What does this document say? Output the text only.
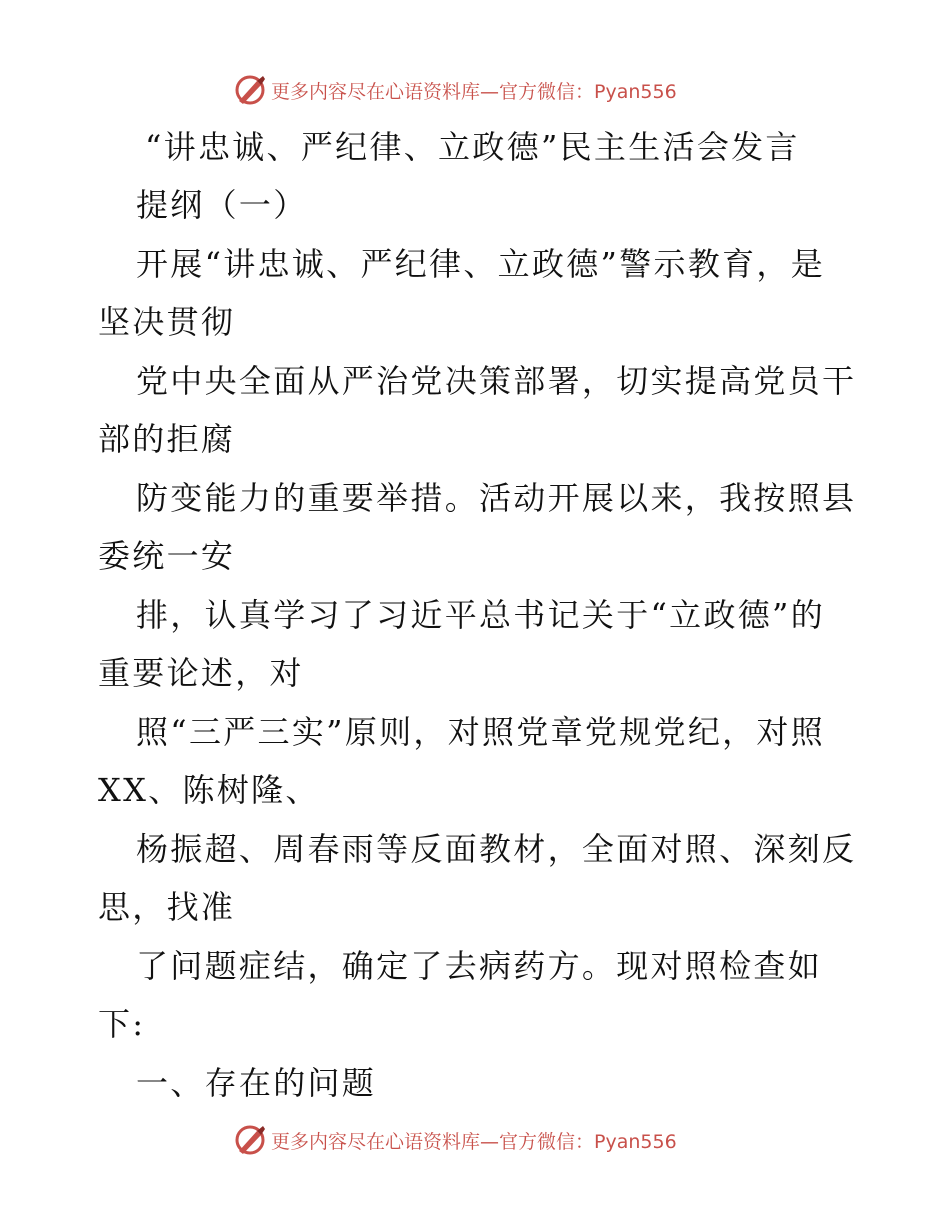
更多内容尽在心语资料库—官方微信：Pyan556
“讲忠诚、严纪律、立政德”民主生活会发言
提纲（一）
开展“讲忠诚、严纪律、立政德”警示教育，是
坚决贯彻
党中央全面从严治党决策部署，切实提高党员干
部的拒腐
防变能力的重要举措。活动开展以来，我按照县
委统一安
排，认真学习了习近平总书记关于“立政德”的
重要论述，对
照“三严三实”原则，对照党章党规党纪，对照
XX、陈树隆、
杨振超、周春雨等反面教材，全面对照、深刻反
思，找准
了问题症结，确定了去病药方。现对照检查如
下:
一、存在的问题
更多内容尽在心语资料库—官方微信：Pyan556
